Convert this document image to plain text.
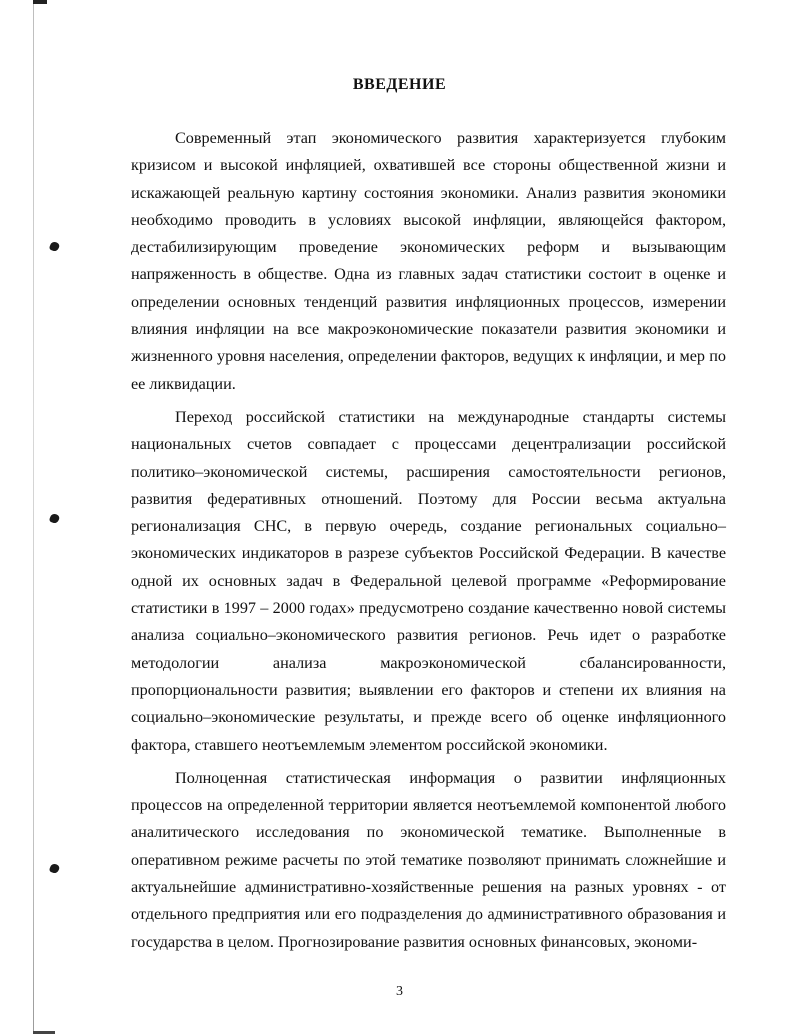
ВВЕДЕНИЕ

Современный этап экономического развития характеризуется глубоким кризисом и высокой инфляцией, охватившей все стороны общественной жизни и искажающей реальную картину состояния экономики. Анализ развития экономики необходимо проводить в условиях высокой инфляции, являющейся фактором, дестабилизирующим проведение экономических реформ и вызывающим напряженность в обществе. Одна из главных задач статистики состоит в оценке и определении основных тенденций развития инфляционных процессов, измерении влияния инфляции на все макроэкономические показатели развития экономики и жизненного уровня населения, определении факторов, ведущих к инфляции, и мер по ее ликвидации.

Переход российской статистики на международные стандарты системы национальных счетов совпадает с процессами децентрализации российской политико–экономической системы, расширения самостоятельности регионов, развития федеративных отношений. Поэтому для России весьма актуальна регионализация СНС, в первую очередь, создание региональных социально–экономических индикаторов в разрезе субъектов Российской Федерации. В качестве одной их основных задач в Федеральной целевой программе «Реформирование статистики в 1997 – 2000 годах» предусмотрено создание качественно новой системы анализа социально–экономического развития регионов. Речь идет о разработке методологии анализа макроэкономической сбалансированности, пропорциональности развития; выявлении его факторов и степени их влияния на социально–экономические результаты, и прежде всего об оценке инфляционного фактора, ставшего неотъемлемым элементом российской экономики.

Полноценная статистическая информация о развитии инфляционных процессов на определенной территории является неотъемлемой компонентой любого аналитического исследования по экономической тематике. Выполненные в оперативном режиме расчеты по этой тематике позволяют принимать сложнейшие и актуальнейшие административно-хозяйственные решения на разных уровнях - от отдельного предприятия или его подразделения до административного образования и государства в целом. Прогнозирование развития основных финансовых, экономи-

3
